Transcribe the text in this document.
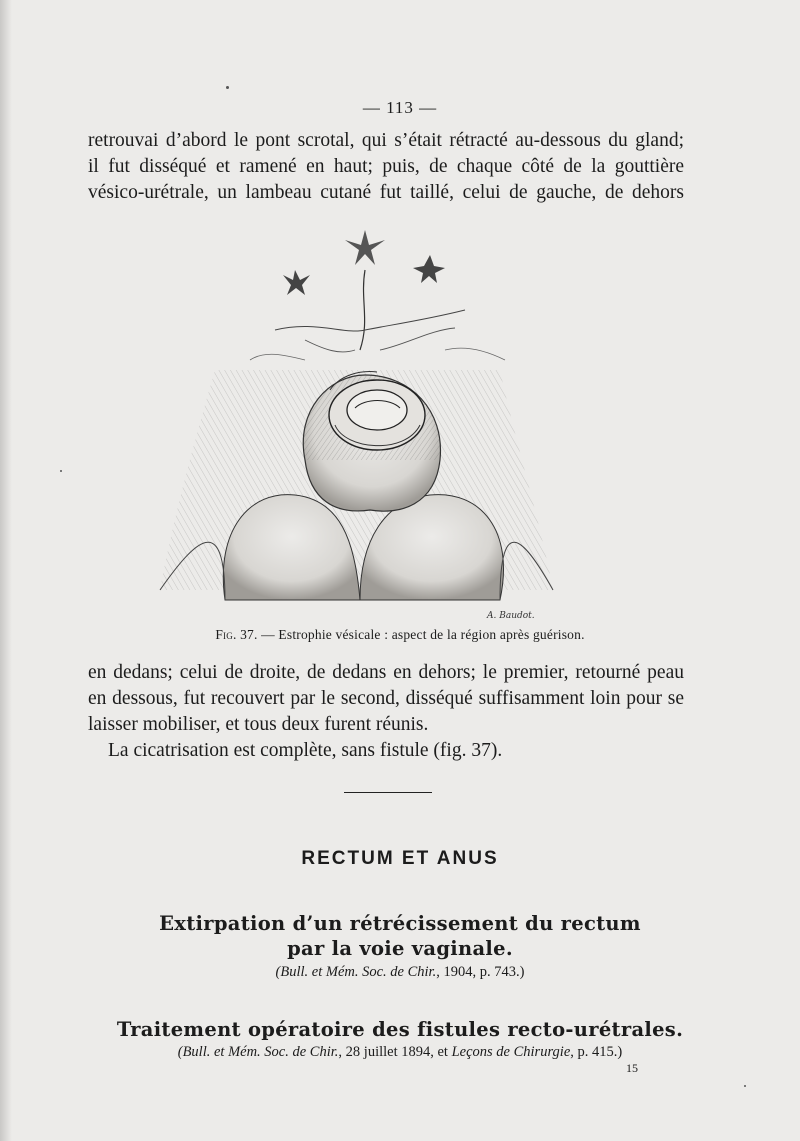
— 113 —

retrouvai d’abord le pont scrotal, qui s’était rétracté au-dessous du gland;

il fut disséqué et ramené en haut; puis, de chaque côté de la gouttière

vésico-urétrale, un lambeau cutané fut taillé, celui de gauche, de dehors

A. Baudot.
Fig. 37. — Estrophie vésicale : aspect de la région après guérison.

en dedans; celui de droite, de dedans en dehors; le premier, retourné peau

en dessous, fut recouvert par le second, disséqué suffisamment loin pour se

laisser mobiliser, et tous deux furent réunis.

La cicatrisation est complète, sans fistule (fig. 37).

RECTUM ET ANUS
Extirpation d’un rétrécissement du rectum
par la voie vaginale.
(Bull. et Mém. Soc. de Chir., 1904, p. 743.)
Traitement opératoire des fistules recto-urétrales.
(Bull. et Mém. Soc. de Chir., 28 juillet 1894, et Leçons de Chirurgie, p. 415.)
15
